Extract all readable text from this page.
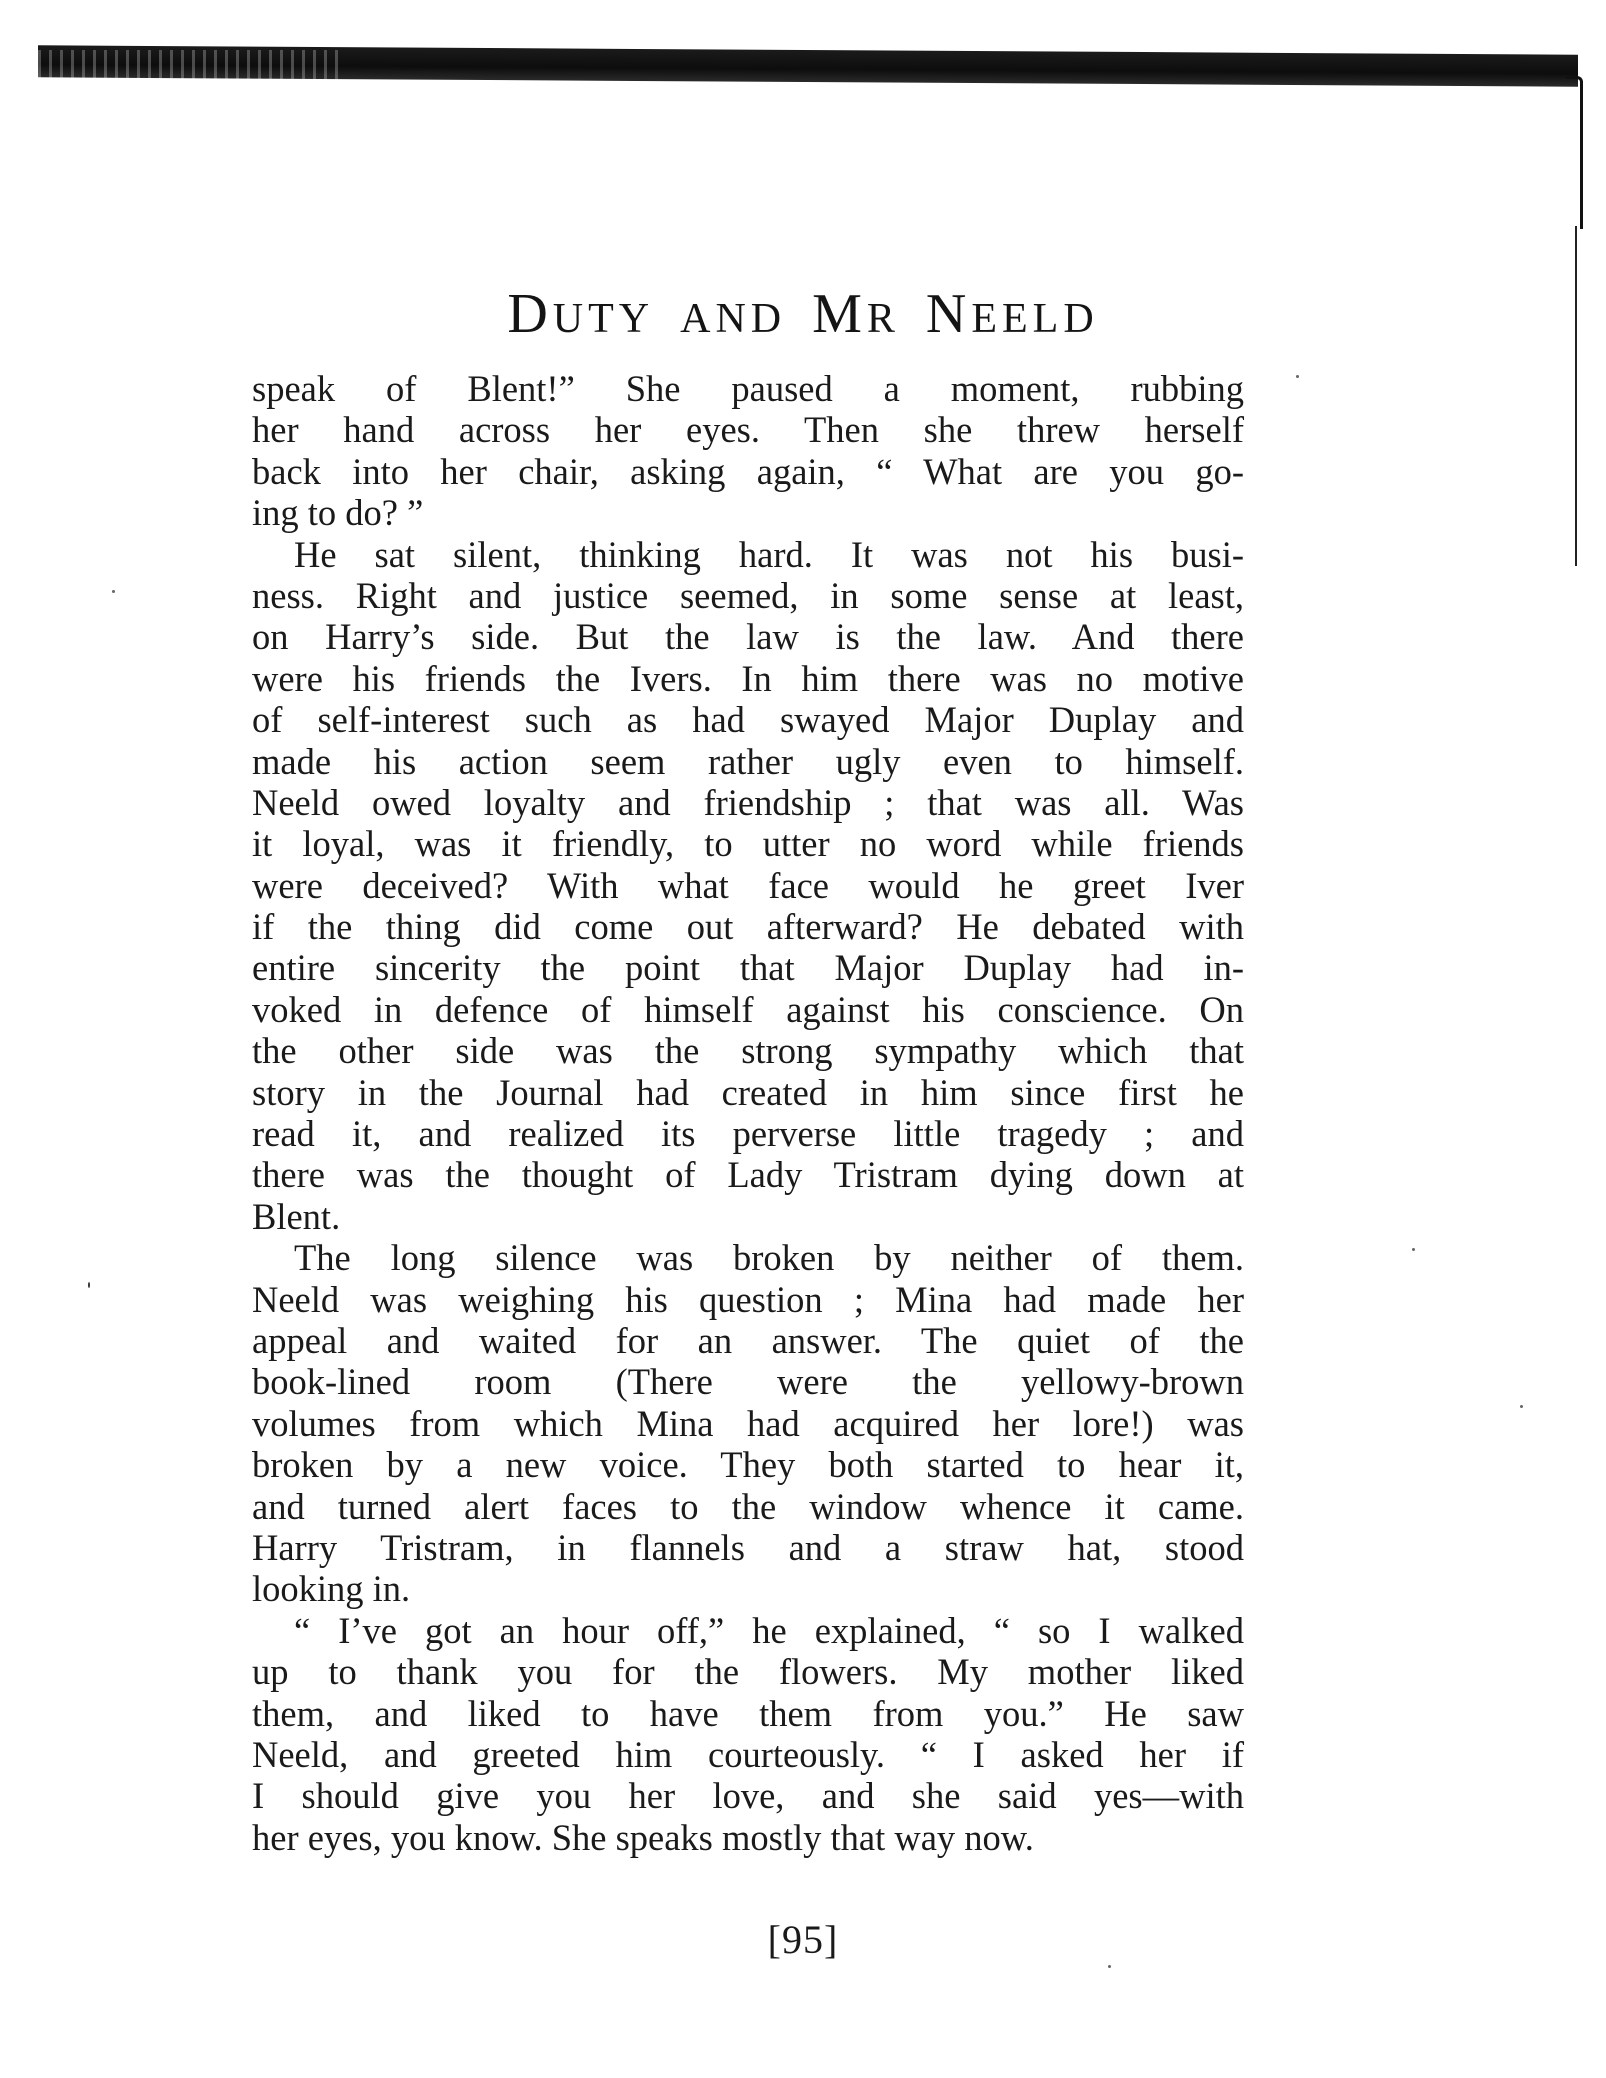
DUTY AND MR NEELD
speak of Blent!” She paused a moment, rubbing
her hand across her eyes. Then she threw herself
back into her chair, asking again, “ What are you go-
ing to do? ”
He sat silent, thinking hard. It was not his busi-
ness. Right and justice seemed, in some sense at least,
on Harry’s side. But the law is the law. And there
were his friends the Ivers. In him there was no motive
of self-interest such as had swayed Major Duplay and
made his action seem rather ugly even to himself.
Neeld owed loyalty and friendship ; that was all. Was
it loyal, was it friendly, to utter no word while friends
were deceived? With what face would he greet Iver
if the thing did come out afterward? He debated with
entire sincerity the point that Major Duplay had in-
voked in defence of himself against his conscience. On
the other side was the strong sympathy which that
story in the Journal had created in him since first he
read it, and realized its perverse little tragedy ; and
there was the thought of Lady Tristram dying down at
Blent.
The long silence was broken by neither of them.
Neeld was weighing his question ; Mina had made her
appeal and waited for an answer. The quiet of the
book-lined room (There were the yellowy-brown
volumes from which Mina had acquired her lore!) was
broken by a new voice. They both started to hear it,
and turned alert faces to the window whence it came.
Harry Tristram, in flannels and a straw hat, stood
looking in.
“ I’ve got an hour off,” he explained, “ so I walked
up to thank you for the flowers. My mother liked
them, and liked to have them from you.” He saw
Neeld, and greeted him courteously. “ I asked her if
I should give you her love, and she said yes—with
her eyes, you know. She speaks mostly that way now.
[95]
